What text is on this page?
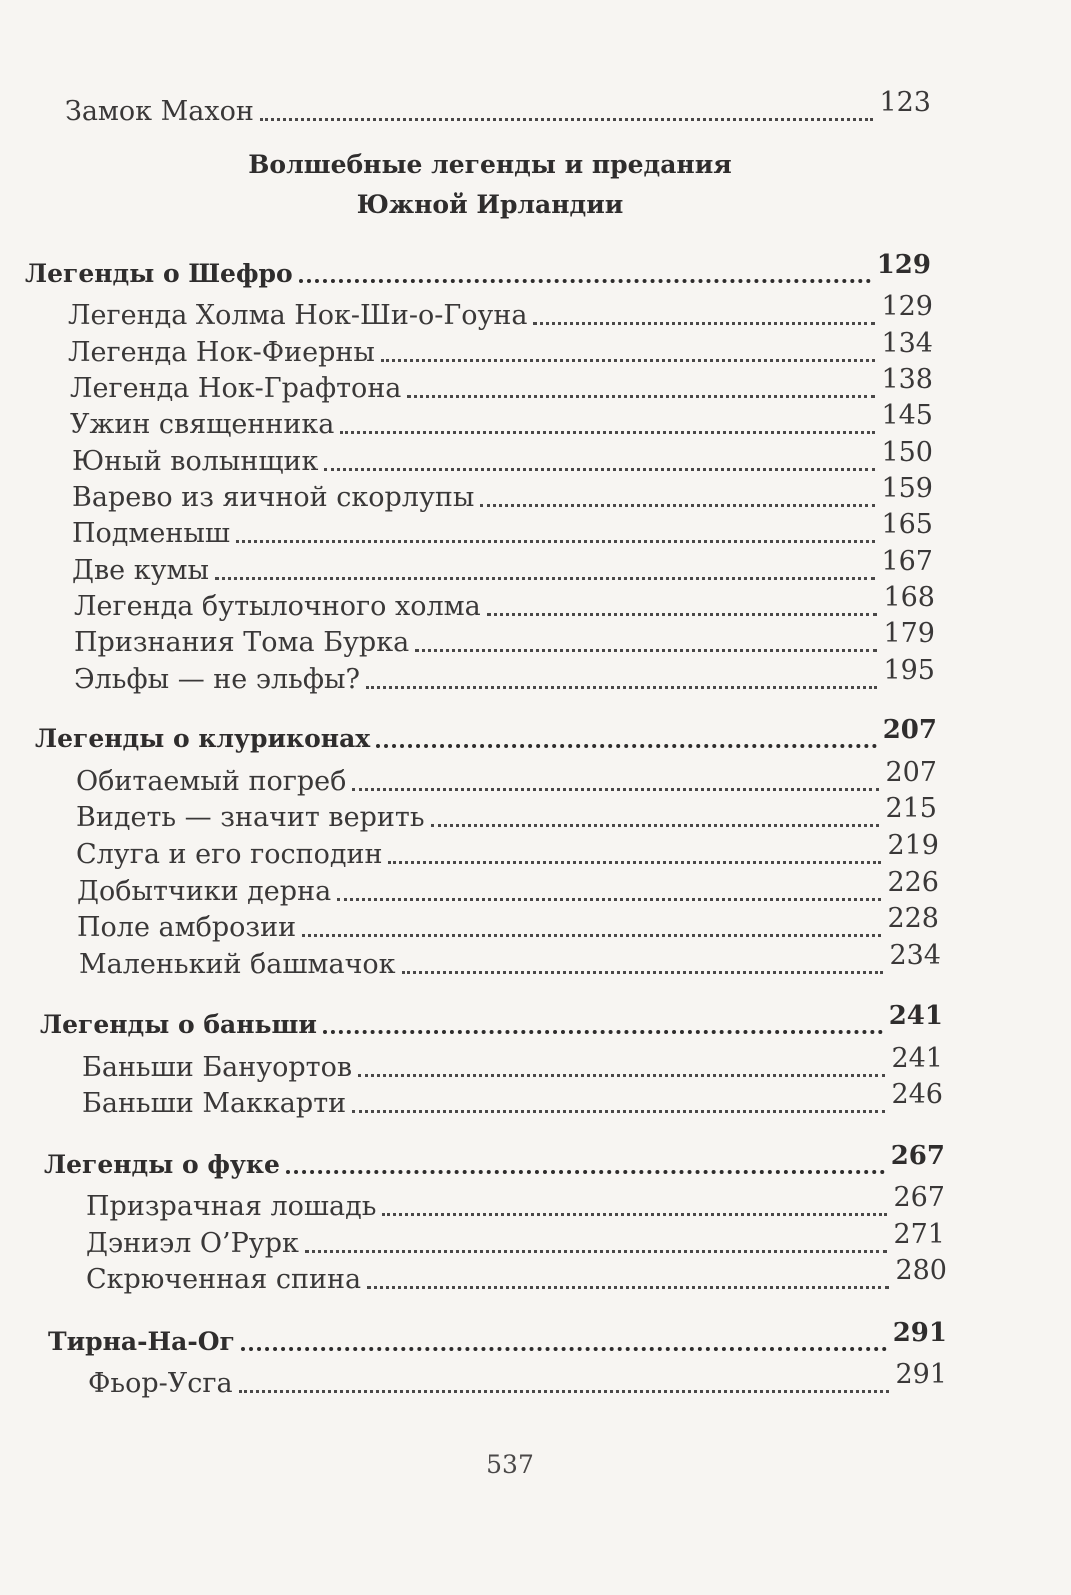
Замок Махон	123
Волшебные легенды и предания
Южной Ирландии
Легенды о Шефро	129
Легенда Холма Нок-Ши-о-Гоуна	129
Легенда Нок-Фиерны	134
Легенда Нок-Графтона	138
Ужин священника	145
Юный волынщик	150
Варево из яичной скорлупы	159
Подменыш	165
Две кумы	167
Легенда бутылочного холма	168
Признания Тома Бурка	179
Эльфы — не эльфы?	195
Легенды о клуриконах	207
Обитаемый погреб	207
Видеть — значит верить	215
Слуга и его господин	219
Добытчики дерна	226
Поле амброзии	228
Маленький башмачок	234
Легенды о баньши	241
Баньши Бануортов	241
Баньши Маккарти	246
Легенды о фуке	267
Призрачная лошадь	267
Дэниэл О’Рурк	271
Скрюченная спина	280
Тирна-На-Ог	291
Фьор-Усга	291
537
